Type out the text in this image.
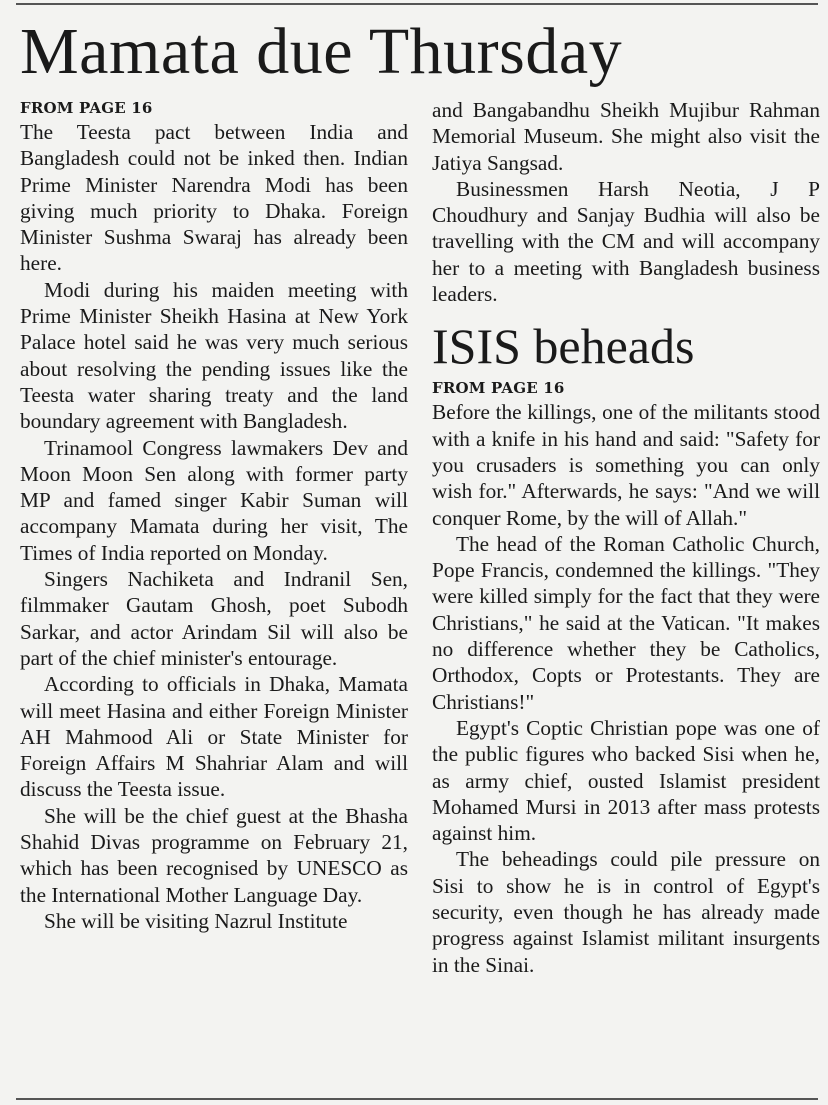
Mamata due Thursday

FROM PAGE 16

The Teesta pact between India and Bangladesh could not be inked then. Indian Prime Minister Narendra Modi has been giving much priority to Dhaka. Foreign Minister Sushma Swaraj has already been here.

Modi during his maiden meeting with Prime Minister Sheikh Hasina at New York Palace hotel said he was very much serious about resolving the pending issues like the Teesta water sharing treaty and the land boundary agreement with Bangladesh.

Trinamool Congress lawmakers Dev and Moon Moon Sen along with former party MP and famed singer Kabir Suman will accompany Mamata during her visit, The Times of India reported on Monday.

Singers Nachiketa and Indranil Sen, filmmaker Gautam Ghosh, poet Subodh Sarkar, and actor Arindam Sil will also be part of the chief minister's entourage.

According to officials in Dhaka, Mamata will meet Hasina and either Foreign Minister AH Mahmood Ali or State Minister for Foreign Affairs M Shahriar Alam and will discuss the Teesta issue.

She will be the chief guest at the Bhasha Shahid Divas programme on February 21, which has been recognised by UNESCO as the International Mother Language Day.

She will be visiting Nazrul Institute

and Bangabandhu Sheikh Mujibur Rahman Memorial Museum. She might also visit the Jatiya Sangsad.

Businessmen Harsh Neotia, J P Choudhury and Sanjay Budhia will also be travelling with the CM and will accompany her to a meeting with Bangladesh business leaders.

ISIS beheads

FROM PAGE 16

Before the killings, one of the militants stood with a knife in his hand and said: "Safety for you crusaders is something you can only wish for." Afterwards, he says: "And we will conquer Rome, by the will of Allah."

The head of the Roman Catholic Church, Pope Francis, condemned the killings. "They were killed simply for the fact that they were Christians," he said at the Vatican. "It makes no difference whether they be Catholics, Orthodox, Copts or Protestants. They are Christians!"

Egypt's Coptic Christian pope was one of the public figures who backed Sisi when he, as army chief, ousted Islamist president Mohamed Mursi in 2013 after mass protests against him.

The beheadings could pile pressure on Sisi to show he is in control of Egypt's security, even though he has already made progress against Islamist militant insurgents in the Sinai.
